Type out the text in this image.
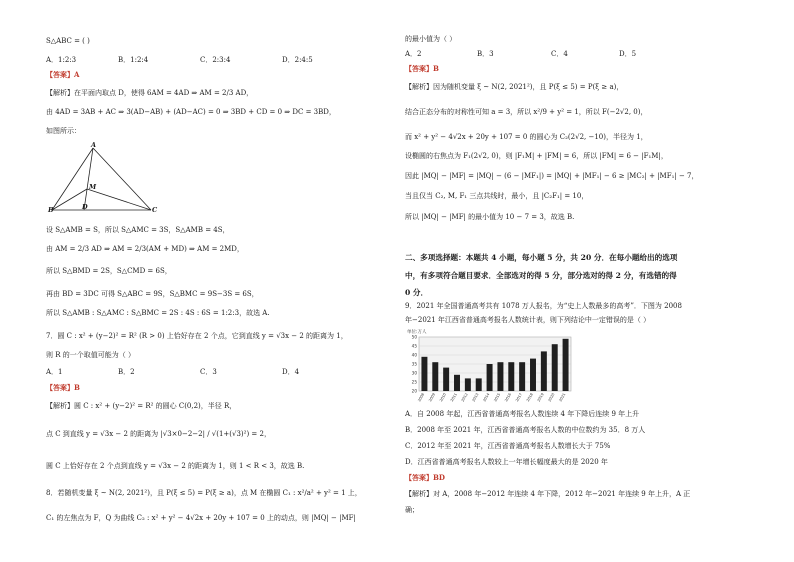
S△ABC = ( )
A．1:2:3	B．1:2:4	C．2:3:4	D．2:4:5
【答案】A
【解析】在平面内取点 D，使得 6AM = 4AD ⇒ AM = 2/3 AD，
由 4AD = 3AB + AC ⇒ 3(AD−AB) + (AD−AC) = 0 ⇒ 3BD + CD = 0 ⇒ DC = 3BD，
如图所示：
A
B	C
D
M
设 S△AMB = S，所以 S△AMC = 3S，S△AMB = 4S，
由 AM = 2/3 AD ⇒ AM = 2/3(AM + MD) ⇒ AM = 2MD，
所以 S△BMD = 2S，S△CMD = 6S，
再由 BD = 3DC 可得 S△ABC = 9S，S△BMC = 9S−3S = 6S，
所以 S△AMB : S△AMC : S△BMC = 2S : 4S : 6S = 1:2:3，故选 A.
7．圆 C : x² + (y−2)² = R² (R > 0) 上恰好存在 2 个点，它到直线 y = √3x − 2 的距离为 1，
则 R 的一个取值可能为（ ）
A．1	B．2	C．3	D．4
【答案】B
【解析】圆 C : x² + (y−2)² = R² 的圆心 C(0,2)，半径 R，
点 C 到直线 y = √3x − 2 的距离为 |√3×0−2−2| / √(1+(√3)²) = 2，
圆 C 上恰好存在 2 个点到直线 y = √3x − 2 的距离为 1，则 1 < R < 3，故选 B.
8．若随机变量 ξ ~ N(2, 2021²)，且 P(ξ ≤ 5) = P(ξ ≥ a)，点 M 在椭圆 C₁ : x²/a² + y² = 1 上，
C₁ 的左焦点为 F，Q 为曲线 C₂ : x² + y² − 4√2x + 20y + 107 = 0 上的动点，则 |MQ| − |MF|
的最小值为（ ）
A．2	B．3	C．4	D．5
【答案】B
【解析】因为随机变量 ξ ~ N(2, 2021²)，且 P(ξ ≤ 5) = P(ξ ≥ a)，
结合正态分布的对称性可知 a = 3，所以 x²/9 + y² = 1，所以 F(−2√2, 0)，
而 x² + y² − 4√2x + 20y + 107 = 0 的圆心为 C₂(2√2, −10)，半径为 1，
设椭圆的右焦点为 F₁(2√2, 0)，则 |F₁M| + |FM| = 6，所以 |FM| = 6 − |F₁M|，
因此 |MQ| − |MF| = |MQ| − (6 − |MF₁|) = |MQ| + |MF₁| − 6 ≥ |MC₂| + |MF₁| − 7，
当且仅当 C₂, M, F₁ 三点共线时，最小，且 |C₂F₁| = 10，
所以 |MQ| − |MF| 的最小值为 10 − 7 = 3，故选 B.
二、多项选择题：本题共 4 小题，每小题 5 分，共 20 分．在每小题给出的选项
中，有多项符合题目要求．全部选对的得 5 分，部分选对的得 2 分，有选错的得
0 分．
9．2021 年全国普通高考共有 1078 万人报名，为“史上人数最多的高考”．下图为 2008
年−2021 年江西省普通高考报名人数统计表，则下列结论中一定错误的是（ ）
单位:万人
50
45
40
35
30
25
20
2008 2009 2010 2011 2012 2013 2014 2015 2016 2017 2018 2019 2020 2021
A．自 2008 年起，江西省普通高考报名人数连续 4 年下降后连续 9 年上升
B．2008 年至 2021 年，江西省普通高考报名人数的中位数约为 35．8 万人
C．2012 年至 2021 年，江西省普通高考报名人数增长大于 75%
D．江西省普通高考报名人数较上一年增长幅度最大的是 2020 年
【答案】BD
【解析】对 A，2008 年−2012 年连续 4 年下降，2012 年−2021 年连续 9 年上升，A 正
确；
